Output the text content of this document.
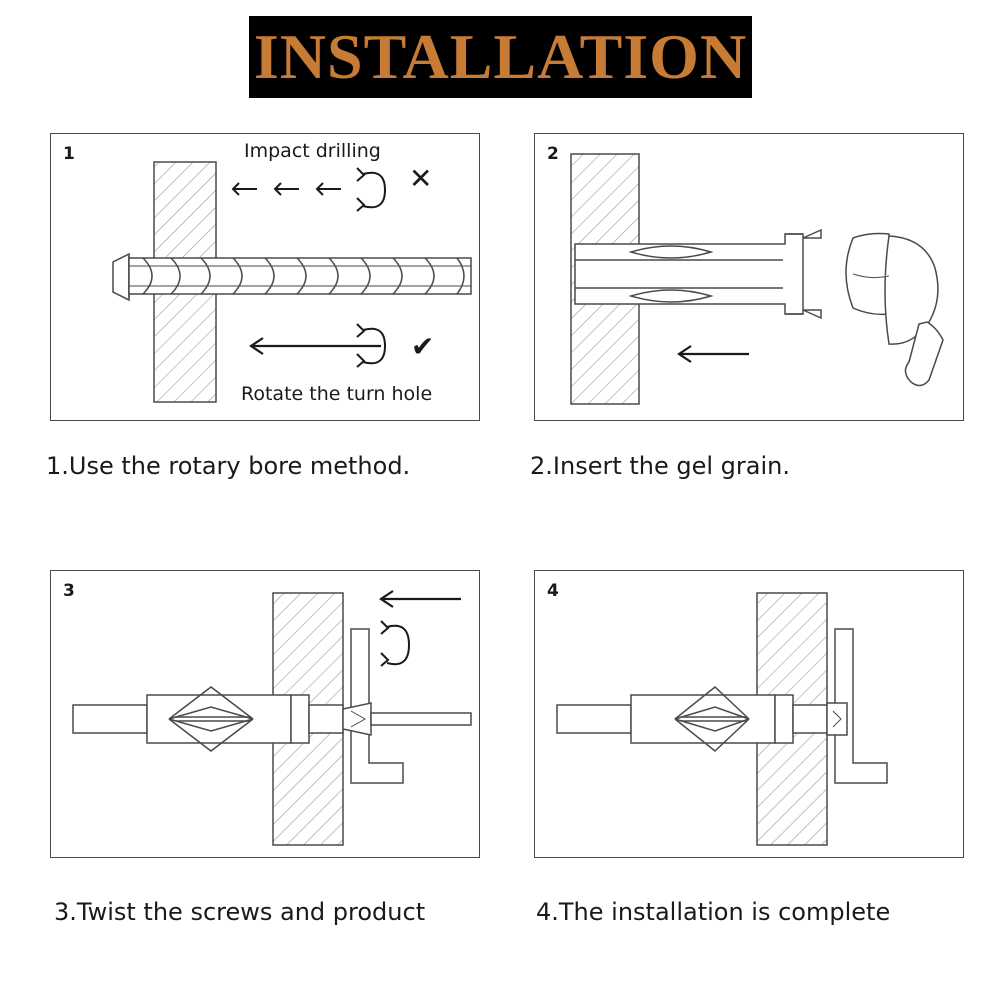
INSTALLATION
1	Impact drilling
Rotate the turn hole
✕
✔
1.Use the rotary bore method.
2
2.Insert the gel grain.
3
3.Twist the screws and product
4
4.The installation is complete
